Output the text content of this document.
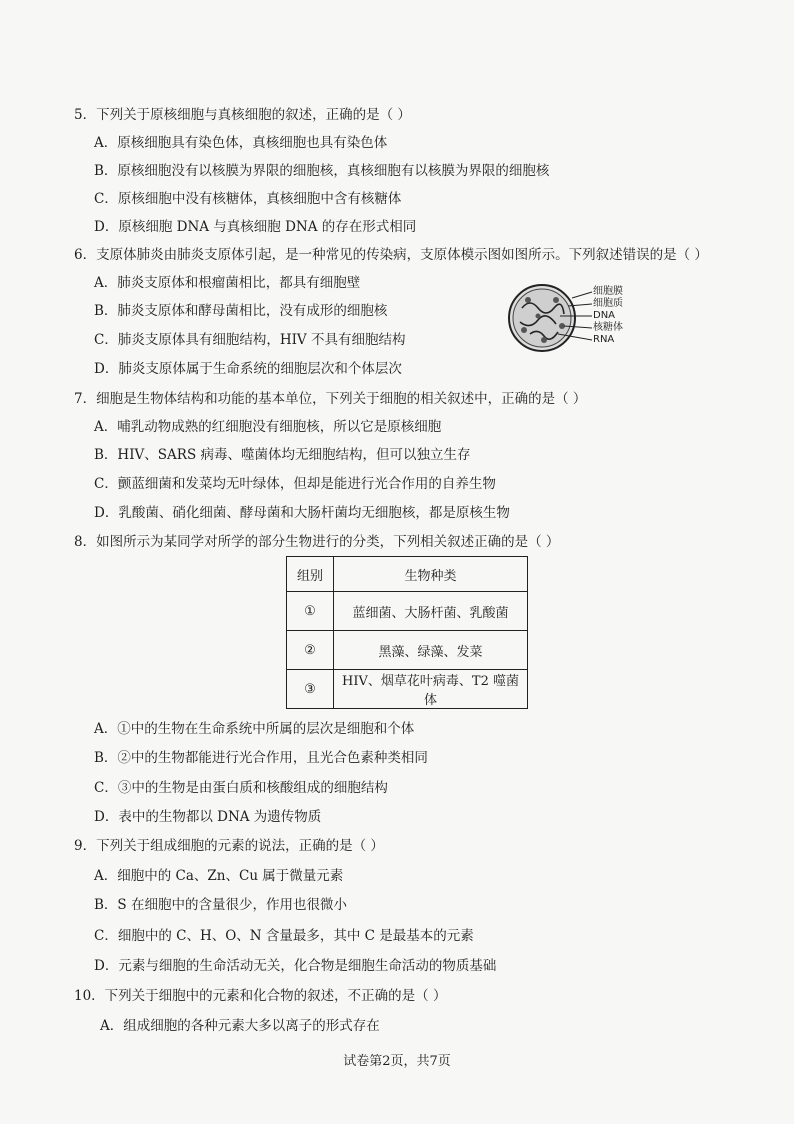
5．下列关于原核细胞与真核细胞的叙述，正确的是（ ）
A．原核细胞具有染色体，真核细胞也具有染色体
B．原核细胞没有以核膜为界限的细胞核，真核细胞有以核膜为界限的细胞核
C．原核细胞中没有核糖体，真核细胞中含有核糖体
D．原核细胞 DNA 与真核细胞 DNA 的存在形式相同
6．支原体肺炎由肺炎支原体引起，是一种常见的传染病，支原体模示图如图所示。下列叙述错误的是（ ）
A．肺炎支原体和根瘤菌相比，都具有细胞壁
B．肺炎支原体和酵母菌相比，没有成形的细胞核
C．肺炎支原体具有细胞结构，HIV 不具有细胞结构
D．肺炎支原体属于生命系统的细胞层次和个体层次
细胞膜
细胞质
DNA
核糖体
RNA
7．细胞是生物体结构和功能的基本单位，下列关于细胞的相关叙述中，正确的是（ ）
A．哺乳动物成熟的红细胞没有细胞核，所以它是原核细胞
B．HIV、SARS 病毒、噬菌体均无细胞结构，但可以独立生存
C．颤蓝细菌和发菜均无叶绿体，但却是能进行光合作用的自养生物
D．乳酸菌、硝化细菌、酵母菌和大肠杆菌均无细胞核，都是原核生物
8．如图所示为某同学对所学的部分生物进行的分类，下列相关叙述正确的是（ ）
组别	生物种类
①	蓝细菌、大肠杆菌、乳酸菌
②	黑藻、绿藻、发菜
③	HIV、烟草花叶病毒、T2 噬菌体
A．①中的生物在生命系统中所属的层次是细胞和个体
B．②中的生物都能进行光合作用，且光合色素种类相同
C．③中的生物是由蛋白质和核酸组成的细胞结构
D．表中的生物都以 DNA 为遗传物质
9．下列关于组成细胞的元素的说法，正确的是（ ）
A．细胞中的 Ca、Zn、Cu 属于微量元素
B．S 在细胞中的含量很少，作用也很微小
C．细胞中的 C、H、O、N 含量最多，其中 C 是最基本的元素
D．元素与细胞的生命活动无关，化合物是细胞生命活动的物质基础
10．下列关于细胞中的元素和化合物的叙述，不正确的是（ ）
A．组成细胞的各种元素大多以离子的形式存在
试卷第2页，共7页
